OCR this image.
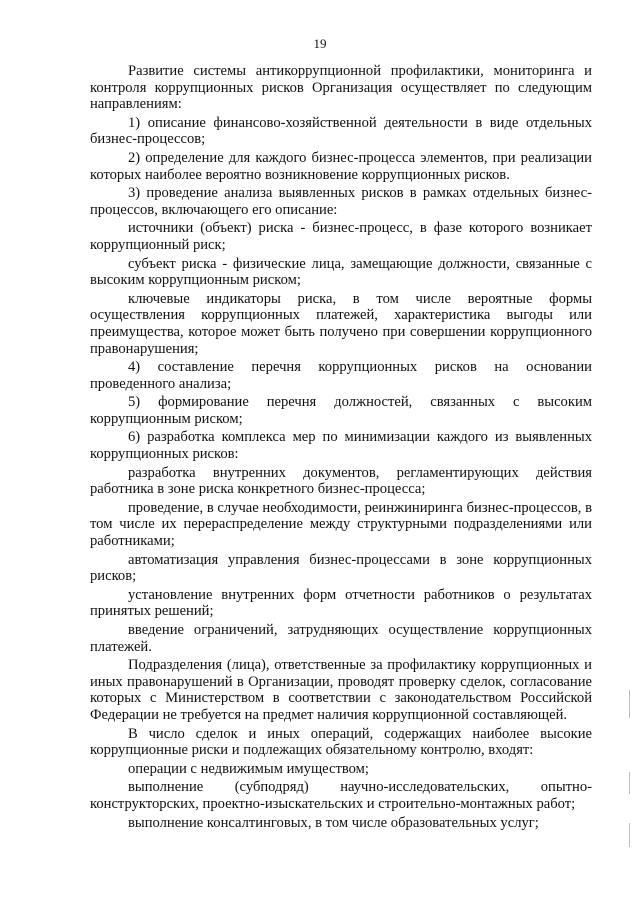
19

Развитие системы антикоррупционной профилактики, мониторинга и контроля коррупционных рисков Организация осуществляет по следующим направлениям:

1) описание финансово-хозяйственной деятельности в виде отдельных бизнес-процессов;

2) определение для каждого бизнес-процесса элементов, при реализации которых наиболее вероятно возникновение коррупционных рисков.

3) проведение анализа выявленных рисков в рамках отдельных бизнес-процессов, включающего его описание:

источники (объект) риска - бизнес-процесс, в фазе которого возникает коррупционный риск;

субъект риска - физические лица, замещающие должности, связанные с высоким коррупционным риском;

ключевые индикаторы риска, в том числе вероятные формы осуществления коррупционных платежей, характеристика выгоды или преимущества, которое может быть получено при совершении коррупционного правонарушения;

4) составление перечня коррупционных рисков на основании проведенного анализа;

5) формирование перечня должностей, связанных с высоким коррупционным риском;

6) разработка комплекса мер по минимизации каждого из выявленных коррупционных рисков:

разработка внутренних документов, регламентирующих действия работника в зоне риска конкретного бизнес-процесса;

проведение, в случае необходимости, реинжиниринга бизнес-процессов, в том числе их перераспределение между структурными подразделениями или работниками;

автоматизация управления бизнес-процессами в зоне коррупционных рисков;

установление внутренних форм отчетности работников о результатах принятых решений;

введение ограничений, затрудняющих осуществление коррупционных платежей.

Подразделения (лица), ответственные за профилактику коррупционных и иных правонарушений в Организации, проводят проверку сделок, согласование которых с Министерством в соответствии с законодательством Российской Федерации не требуется на предмет наличия коррупционной составляющей.

В число сделок и иных операций, содержащих наиболее высокие коррупционные риски и подлежащих обязательному контролю, входят:

операции с недвижимым имуществом;

выполнение (субподряд) научно-исследовательских, опытно-конструкторских, проектно-изыскательских и строительно-монтажных работ;

выполнение консалтинговых, в том числе образовательных услуг;
